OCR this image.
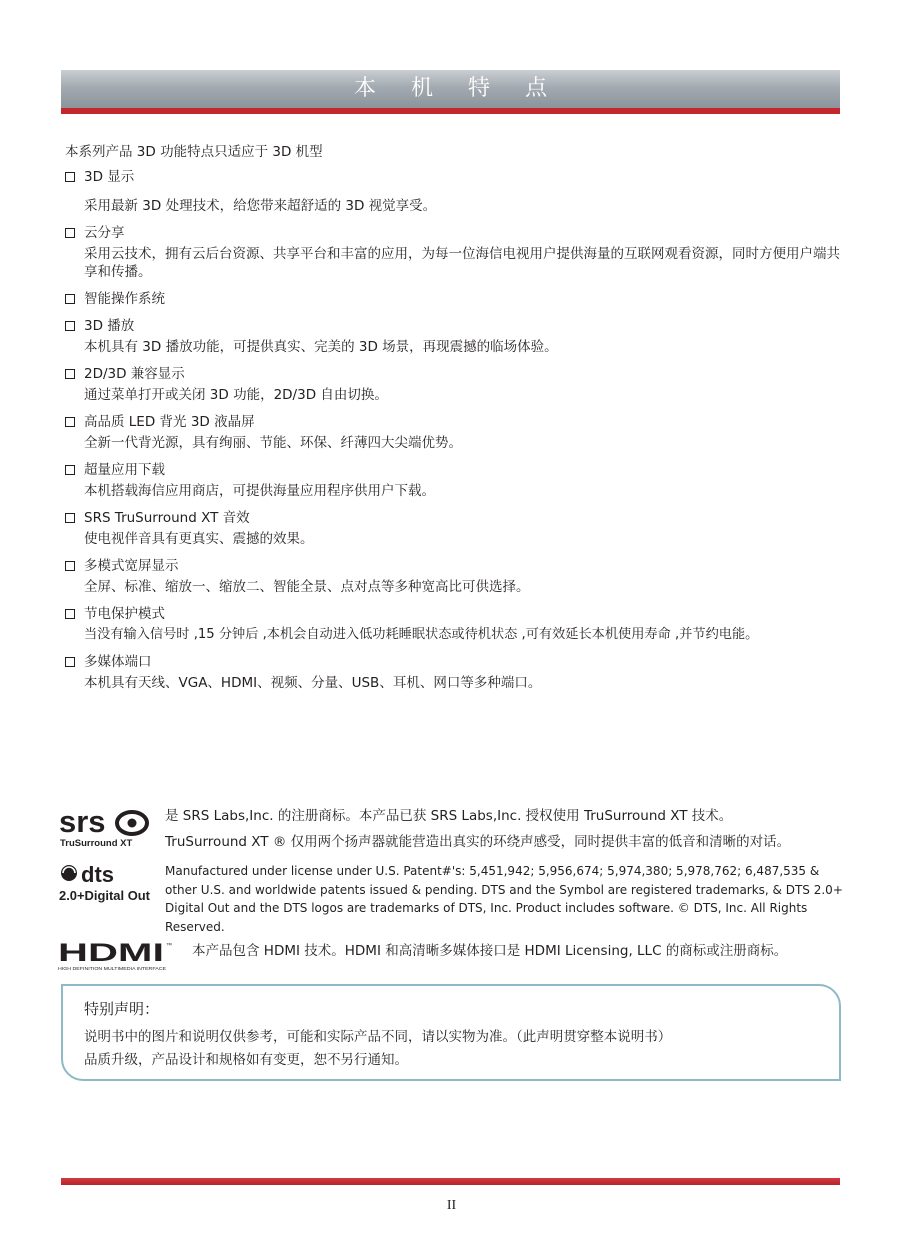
本 机 特 点
本系列产品 3D 功能特点只适应于 3D 机型
3D 显示
采用最新 3D 处理技术，给您带来超舒适的 3D 视觉享受。
云分享
采用云技术，拥有云后台资源、共享平台和丰富的应用，为每一位海信电视用户提供海量的互联网观看资源，同时方便用户端共享和传播。
智能操作系统
3D 播放
本机具有 3D 播放功能，可提供真实、完美的 3D 场景，再现震撼的临场体验。
2D/3D 兼容显示
通过菜单打开或关闭 3D 功能，2D/3D 自由切换。
高品质 LED 背光 3D 液晶屏
全新一代背光源，具有绚丽、节能、环保、纤薄四大尖端优势。
超量应用下载
本机搭载海信应用商店，可提供海量应用程序供用户下载。
SRS TruSurround XT 音效
使电视伴音具有更真实、震撼的效果。
多模式宽屏显示
全屏、标准、缩放一、缩放二、智能全景、点对点等多种宽高比可供选择。
节电保护模式
当没有输入信号时 ,15 分钟后 ,本机会自动进入低功耗睡眠状态或待机状态 ,可有效延长本机使用寿命 ,并节约电能。
多媒体端口
本机具有天线、VGA、HDMI、视频、分量、USB、耳机、网口等多种端口。
srs
TruSurround XT
是 SRS Labs,Inc. 的注册商标。本产品已获 SRS Labs,Inc. 授权使用 TruSurround XT 技术。
TruSurround XT ® 仅用两个扬声器就能营造出真实的环绕声感受，同时提供丰富的低音和清晰的对话。
dts
2.0+Digital Out
Manufactured under license under U.S. Patent#'s: 5,451,942; 5,956,674; 5,974,380; 5,978,762; 6,487,535 & other U.S. and worldwide patents issued & pending. DTS and the Symbol are registered trademarks, & DTS 2.0+ Digital Out and the DTS logos are trademarks of DTS, Inc. Product includes software. © DTS, Inc. All Rights Reserved.
HDMI ™
HIGH DEFINITION MULTIMEDIA INTERFACE
本产品包含 HDMI 技术。HDMI 和高清晰多媒体接口是 HDMI Licensing, LLC 的商标或注册商标。
特别声明：
说明书中的图片和说明仅供参考，可能和实际产品不同，请以实物为准。（此声明贯穿整本说明书）
品质升级，产品设计和规格如有变更，恕不另行通知。
II
